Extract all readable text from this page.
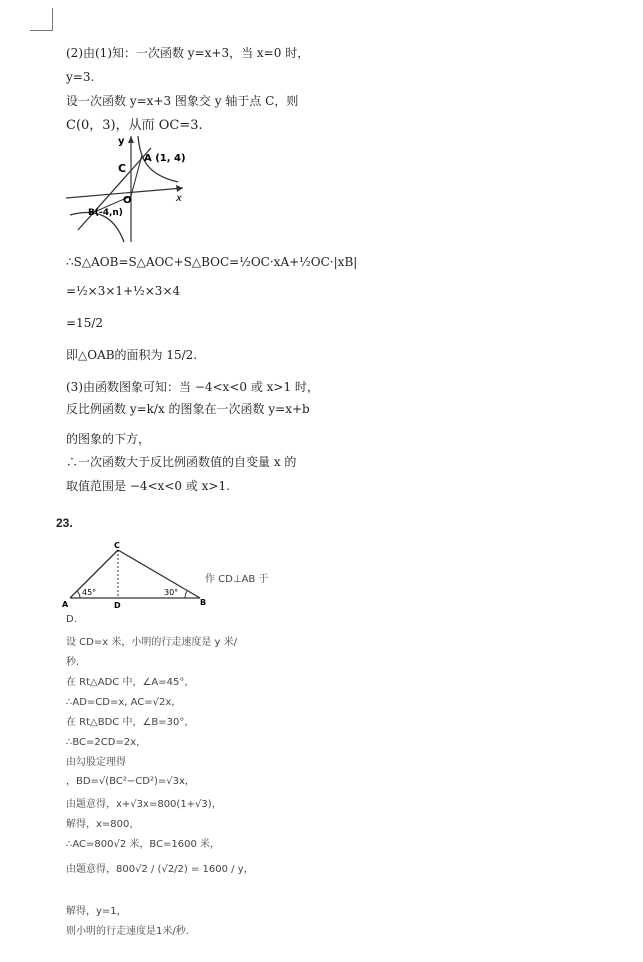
(2)由(1)知：一次函数 y=x+3，当 x=0 时，
y=3.
设一次函数 y=x+3 图象交 y 轴于点 C，则
C(0，3)，从而 OC=3.
y
x
O
C
A (1, 4)
B(-4,n)
∴S△AOB=S△AOC+S△BOC=½OC·xA+½OC·|xB|
=½×3×1+½×3×4
=15/2
即△OAB的面积为 15/2.
(3)由函数图象可知：当 −4<x<0 或 x>1 时，
反比例函数 y=k/x 的图象在一次函数 y=x+b
的图象的下方，
∴一次函数大于反比例函数值的自变量 x 的
取值范围是 −4<x<0 或 x>1.
23.
C
A	D	B
45°	30°
作 CD⊥AB 于
D.
设 CD=x 米，小明的行走速度是 y 米/
秒.
在 Rt△ADC 中，∠A=45°，
∴AD=CD=x, AC=√2x，
在 Rt△BDC 中，∠B=30°，
∴BC=2CD=2x，
由勾股定理得
，BD=√(BC²−CD²)=√3x，
由题意得，x+√3x=800(1+√3)，
解得，x=800，
∴AC=800√2 米，BC=1600 米，
由题意得，800√2 / (√2/2) = 1600 / y，
解得，y=1，
则小明的行走速度是1米/秒.
